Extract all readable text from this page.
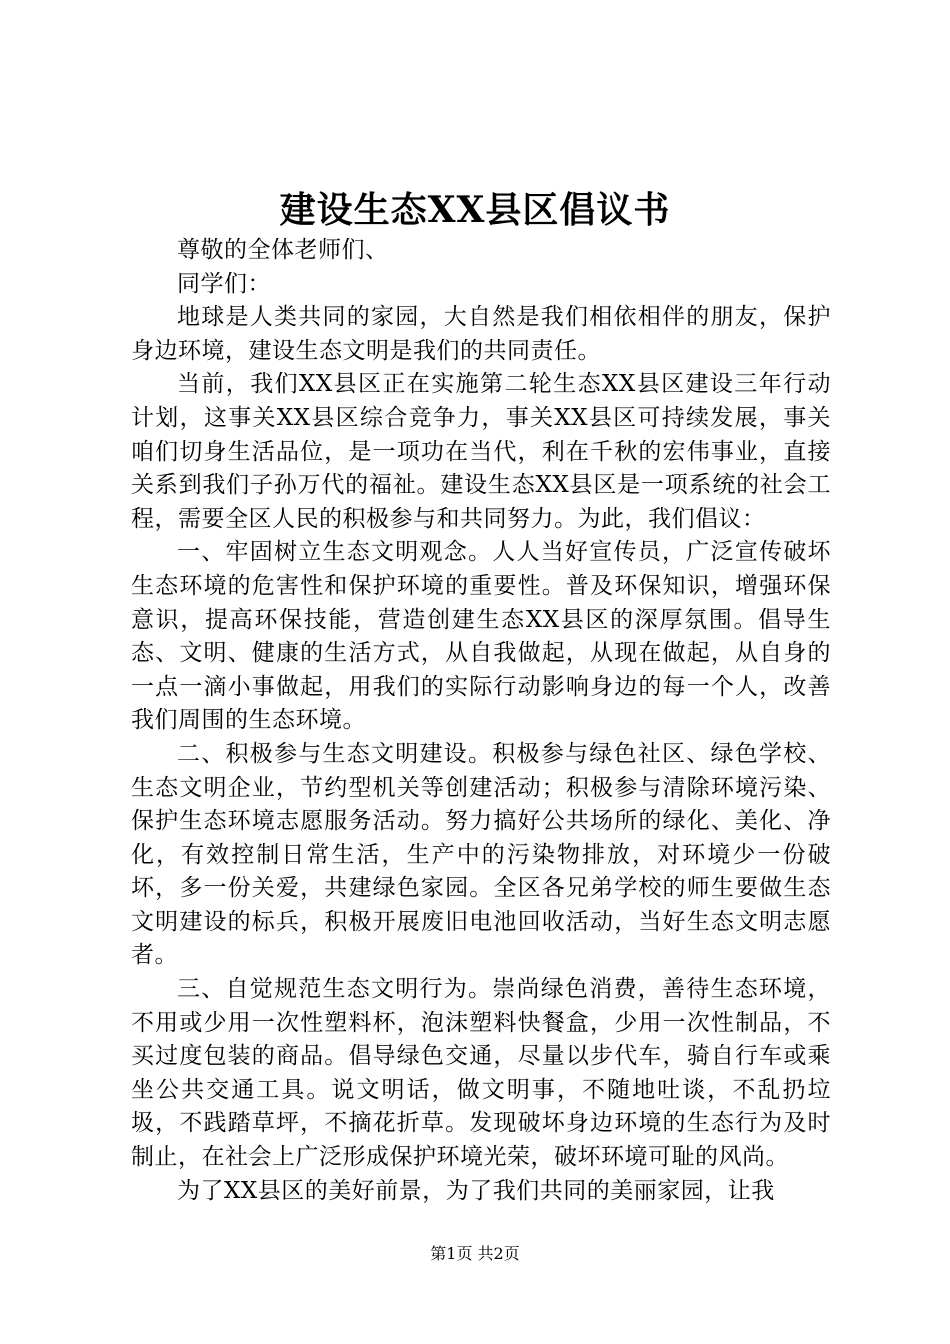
建设生态XX县区倡议书

尊敬的全体老师们、

同学们：

地球是人类共同的家园，大自然是我们相依相伴的朋友，保护身边环境，建设生态文明是我们的共同责任。

当前，我们XX县区正在实施第二轮生态XX县区建设三年行动计划，这事关XX县区综合竞争力，事关XX县区可持续发展，事关咱们切身生活品位，是一项功在当代，利在千秋的宏伟事业，直接关系到我们子孙万代的福祉。建设生态XX县区是一项系统的社会工程，需要全区人民的积极参与和共同努力。为此，我们倡议：

一、牢固树立生态文明观念。人人当好宣传员，广泛宣传破坏生态环境的危害性和保护环境的重要性。普及环保知识，增强环保意识，提高环保技能，营造创建生态XX县区的深厚氛围。倡导生态、文明、健康的生活方式，从自我做起，从现在做起，从自身的一点一滴小事做起，用我们的实际行动影响身边的每一个人，改善我们周围的生态环境。

二、积极参与生态文明建设。积极参与绿色社区、绿色学校、生态文明企业，节约型机关等创建活动；积极参与清除环境污染、保护生态环境志愿服务活动。努力搞好公共场所的绿化、美化、净化，有效控制日常生活，生产中的污染物排放，对环境少一份破坏，多一份关爱，共建绿色家园。全区各兄弟学校的师生要做生态文明建设的标兵，积极开展废旧电池回收活动，当好生态文明志愿者。

三、自觉规范生态文明行为。崇尚绿色消费，善待生态环境，不用或少用一次性塑料杯，泡沫塑料快餐盒，少用一次性制品，不买过度包装的商品。倡导绿色交通，尽量以步代车，骑自行车或乘坐公共交通工具。说文明话，做文明事，不随地吐谈，不乱扔垃圾，不践踏草坪，不摘花折草。发现破坏身边环境的生态行为及时制止，在社会上广泛形成保护环境光荣，破坏环境可耻的风尚。

为了XX县区的美好前景，为了我们共同的美丽家园，让我

第1页 共2页
